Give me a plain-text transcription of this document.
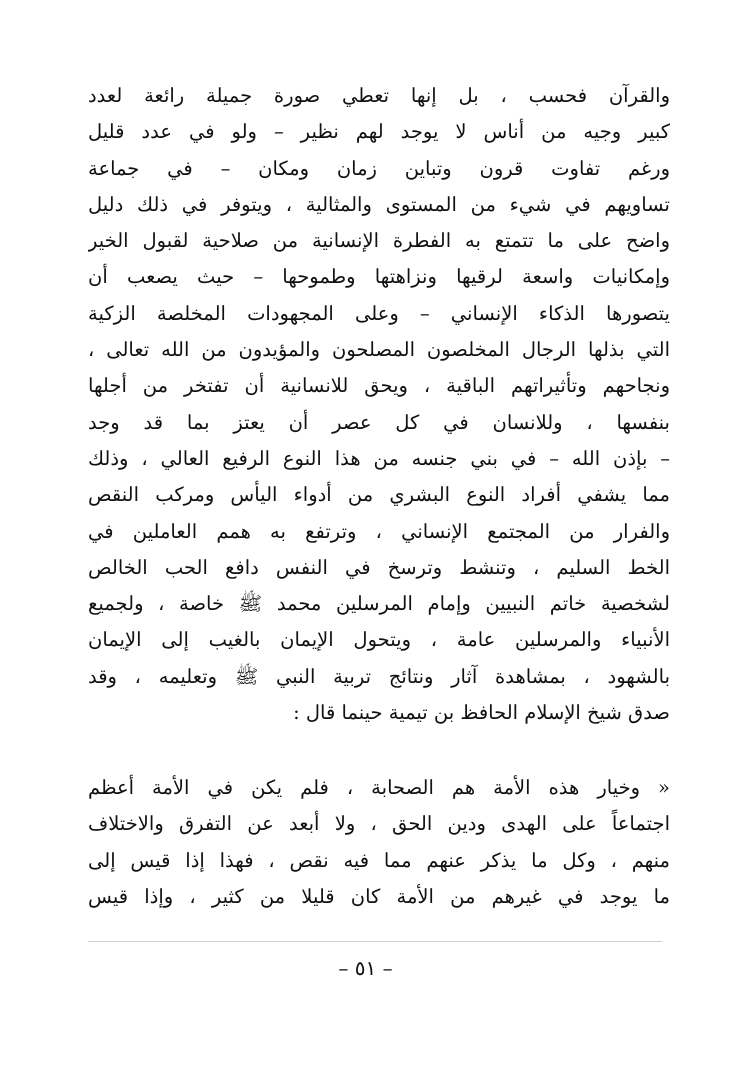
والقرآن فحسب ، بل إنها تعطي صورة جميلة رائعة لعدد
كبير وجيه من أناس لا يوجد لهم نظير – ولو في عدد قليل
ورغم تفاوت قرون وتباين زمان ومكان – في جماعة
تساويهم في شيء من المستوى والمثالية ، ويتوفر في ذلك دليل
واضح على ما تتمتع به الفطرة الإنسانية من صلاحية لقبول الخير
وإمكانيات واسعة لرقيها ونزاهتها وطموحها – حيث يصعب أن
يتصورها الذكاء الإنساني – وعلى المجهودات المخلصة الزكية
التي بذلها الرجال المخلصون المصلحون والمؤيدون من الله تعالى ،
ونجاحهم وتأثيراتهم الباقية ، ويحق للانسانية أن تفتخر من أجلها
بنفسها ، وللانسان في كل عصر أن يعتز بما قد وجد
– بإذن الله – في بني جنسه من هذا النوع الرفيع العالي ، وذلك
مما يشفي أفراد النوع البشري من أدواء اليأس ومركب النقص
والفرار من المجتمع الإنساني ، وترتفع به همم العاملين في
الخط السليم ، وتنشط وترسخ في النفس دافع الحب الخالص
لشخصية خاتم النبيين وإمام المرسلين محمد ﷺ خاصة ، ولجميع
الأنبياء والمرسلين عامة ، ويتحول الإيمان بالغيب إلى الإيمان
بالشهود ، بمشاهدة آثار ونتائج تربية النبي ﷺ وتعليمه ، وقد
صدق شيخ الإسلام الحافظ بن تيمية حينما قال :
« وخيار هذه الأمة هم الصحابة ، فلم يكن في الأمة أعظم
اجتماعاً على الهدى ودين الحق ، ولا أبعد عن التفرق والاختلاف
منهم ، وكل ما يذكر عنهم مما فيه نقص ، فهذا إذا قيس إلى
ما يوجد في غيرهم من الأمة كان قليلا من كثير ، وإذا قيس
– ٥١ –
